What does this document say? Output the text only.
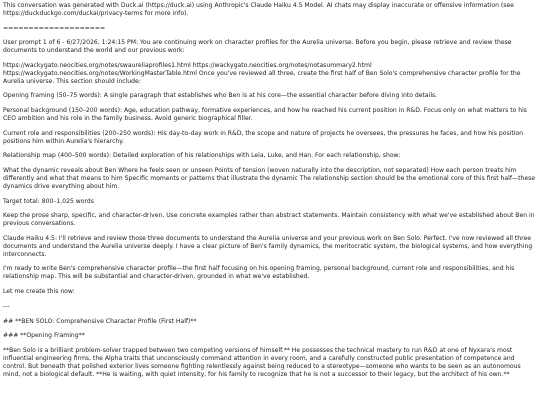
This conversation was generated with Duck.ai (https://duck.ai) using Anthropic's Claude Haiku 4.5 Model. AI chats may display inaccurate or offensive information (see https://duckduckgo.com/duckai/privacy-terms for more info).

====================

User prompt 1 of 6 - 6/27/2026, 1:24:15 PM: You are continuing work on character profiles for the Aurelia universe. Before you begin, please retrieve and review these documents to understand the world and our previous work:

https://wackygato.neocities.org/notes/swaureliaprofiles1.html https://wackygato.neocities.org/notes/notasummary2.html https://wackygato.neocities.org/notes/WorkingMasterTable.html Once you've reviewed all three, create the first half of Ben Solo's comprehensive character profile for the Aurelia universe. This section should include:

Opening framing (50–75 words): A single paragraph that establishes who Ben is at his core—the essential character before diving into details.

Personal background (150–200 words): Age, education pathway, formative experiences, and how he reached his current position in R&D. Focus only on what matters to his CEO ambition and his role in the family business. Avoid generic biographical filler.

Current role and responsibilities (200–250 words): His day-to-day work in R&D, the scope and nature of projects he oversees, the pressures he faces, and how his position positions him within Aurelia's hierarchy.

Relationship map (400–500 words): Detailed exploration of his relationships with Leia, Luke, and Han. For each relationship, show:

What the dynamic reveals about Ben Where he feels seen or unseen Points of tension (woven naturally into the description, not separated) How each person treats him differently and what that means to him Specific moments or patterns that illustrate the dynamic The relationship section should be the emotional core of this first half—these dynamics drive everything about him.

Target total: 800–1,025 words

Keep the prose sharp, specific, and character-driven. Use concrete examples rather than abstract statements. Maintain consistency with what we've established about Ben in previous conversations.

Claude Haiku 4.5: I'll retrieve and review those three documents to understand the Aurelia universe and your previous work on Ben Solo. Perfect. I've now reviewed all three documents and understand the Aurelia universe deeply. I have a clear picture of Ben's family dynamics, the meritocratic system, the biological systems, and how everything interconnects.

I'm ready to write Ben's comprehensive character profile—the first half focusing on his opening framing, personal background, current role and responsibilities, and his relationship map. This will be substantial and character-driven, grounded in what we've established.

Let me create this now:

---

## **BEN SOLO: Comprehensive Character Profile (First Half)**

### **Opening Framing**

**Ben Solo is a brilliant problem-solver trapped between two competing versions of himself.** He possesses the technical mastery to run R&D at one of Nyxara's most influential engineering firms, the Alpha traits that unconsciously command attention in every room, and a carefully constructed public presentation of competence and control. But beneath that polished exterior lives someone fighting relentlessly against being reduced to a stereotype—someone who wants to be seen as an autonomous mind, not a biological default. **He is waiting, with quiet intensity, for his family to recognize that he is not a successor to their legacy, but the architect of his own.**
